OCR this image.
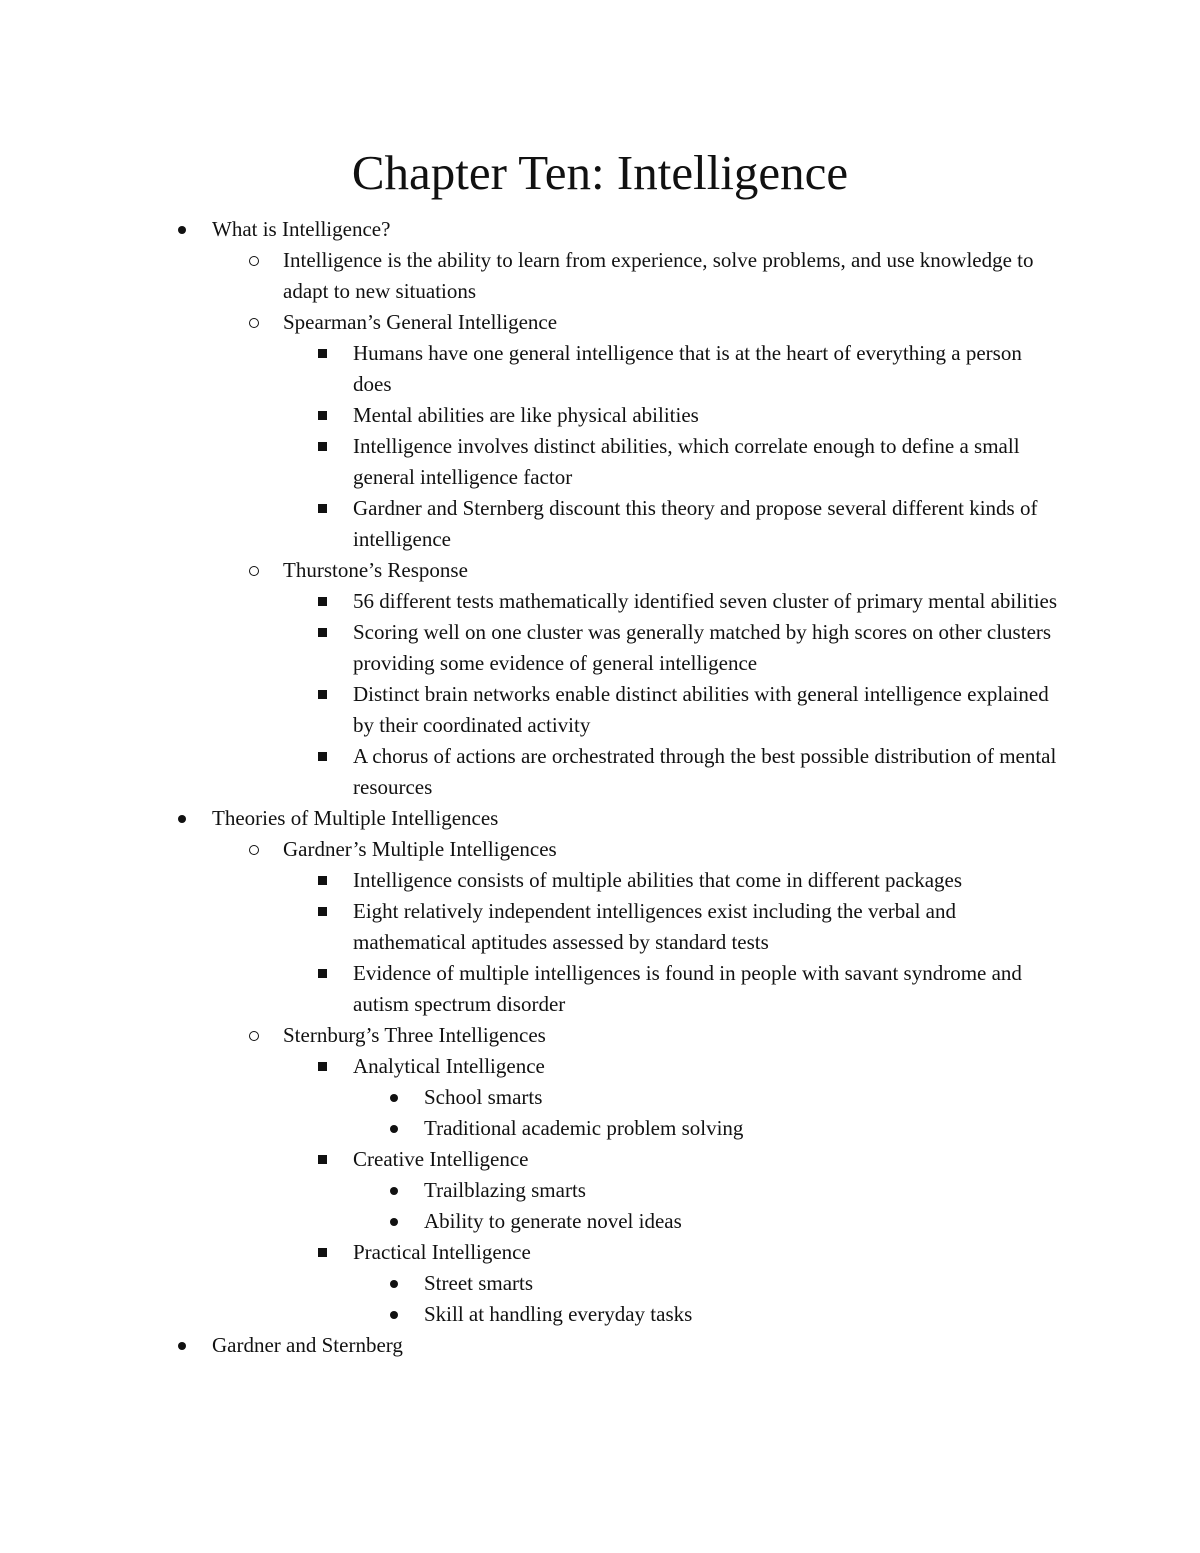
Chapter Ten: Intelligence
What is Intelligence?
Intelligence is the ability to learn from experience, solve problems, and use knowledge to adapt to new situations
Spearman’s General Intelligence
Humans have one general intelligence that is at the heart of everything a person does
Mental abilities are like physical abilities
Intelligence involves distinct abilities, which correlate enough to define a small general intelligence factor
Gardner and Sternberg discount this theory and propose several different kinds of intelligence
Thurstone’s Response
56 different tests mathematically identified seven cluster of primary mental abilities
Scoring well on one cluster was generally matched by high scores on other clusters providing some evidence of general intelligence
Distinct brain networks enable distinct abilities with general intelligence explained by their coordinated activity
A chorus of actions are orchestrated through the best possible distribution of mental resources
Theories of Multiple Intelligences
Gardner’s Multiple Intelligences
Intelligence consists of multiple abilities that come in different packages
Eight relatively independent intelligences exist including the verbal and mathematical aptitudes assessed by standard tests
Evidence of multiple intelligences is found in people with savant syndrome and autism spectrum disorder
Sternburg’s Three Intelligences
Analytical Intelligence
School smarts
Traditional academic problem solving
Creative Intelligence
Trailblazing smarts
Ability to generate novel ideas
Practical Intelligence
Street smarts
Skill at handling everyday tasks
Gardner and Sternberg
